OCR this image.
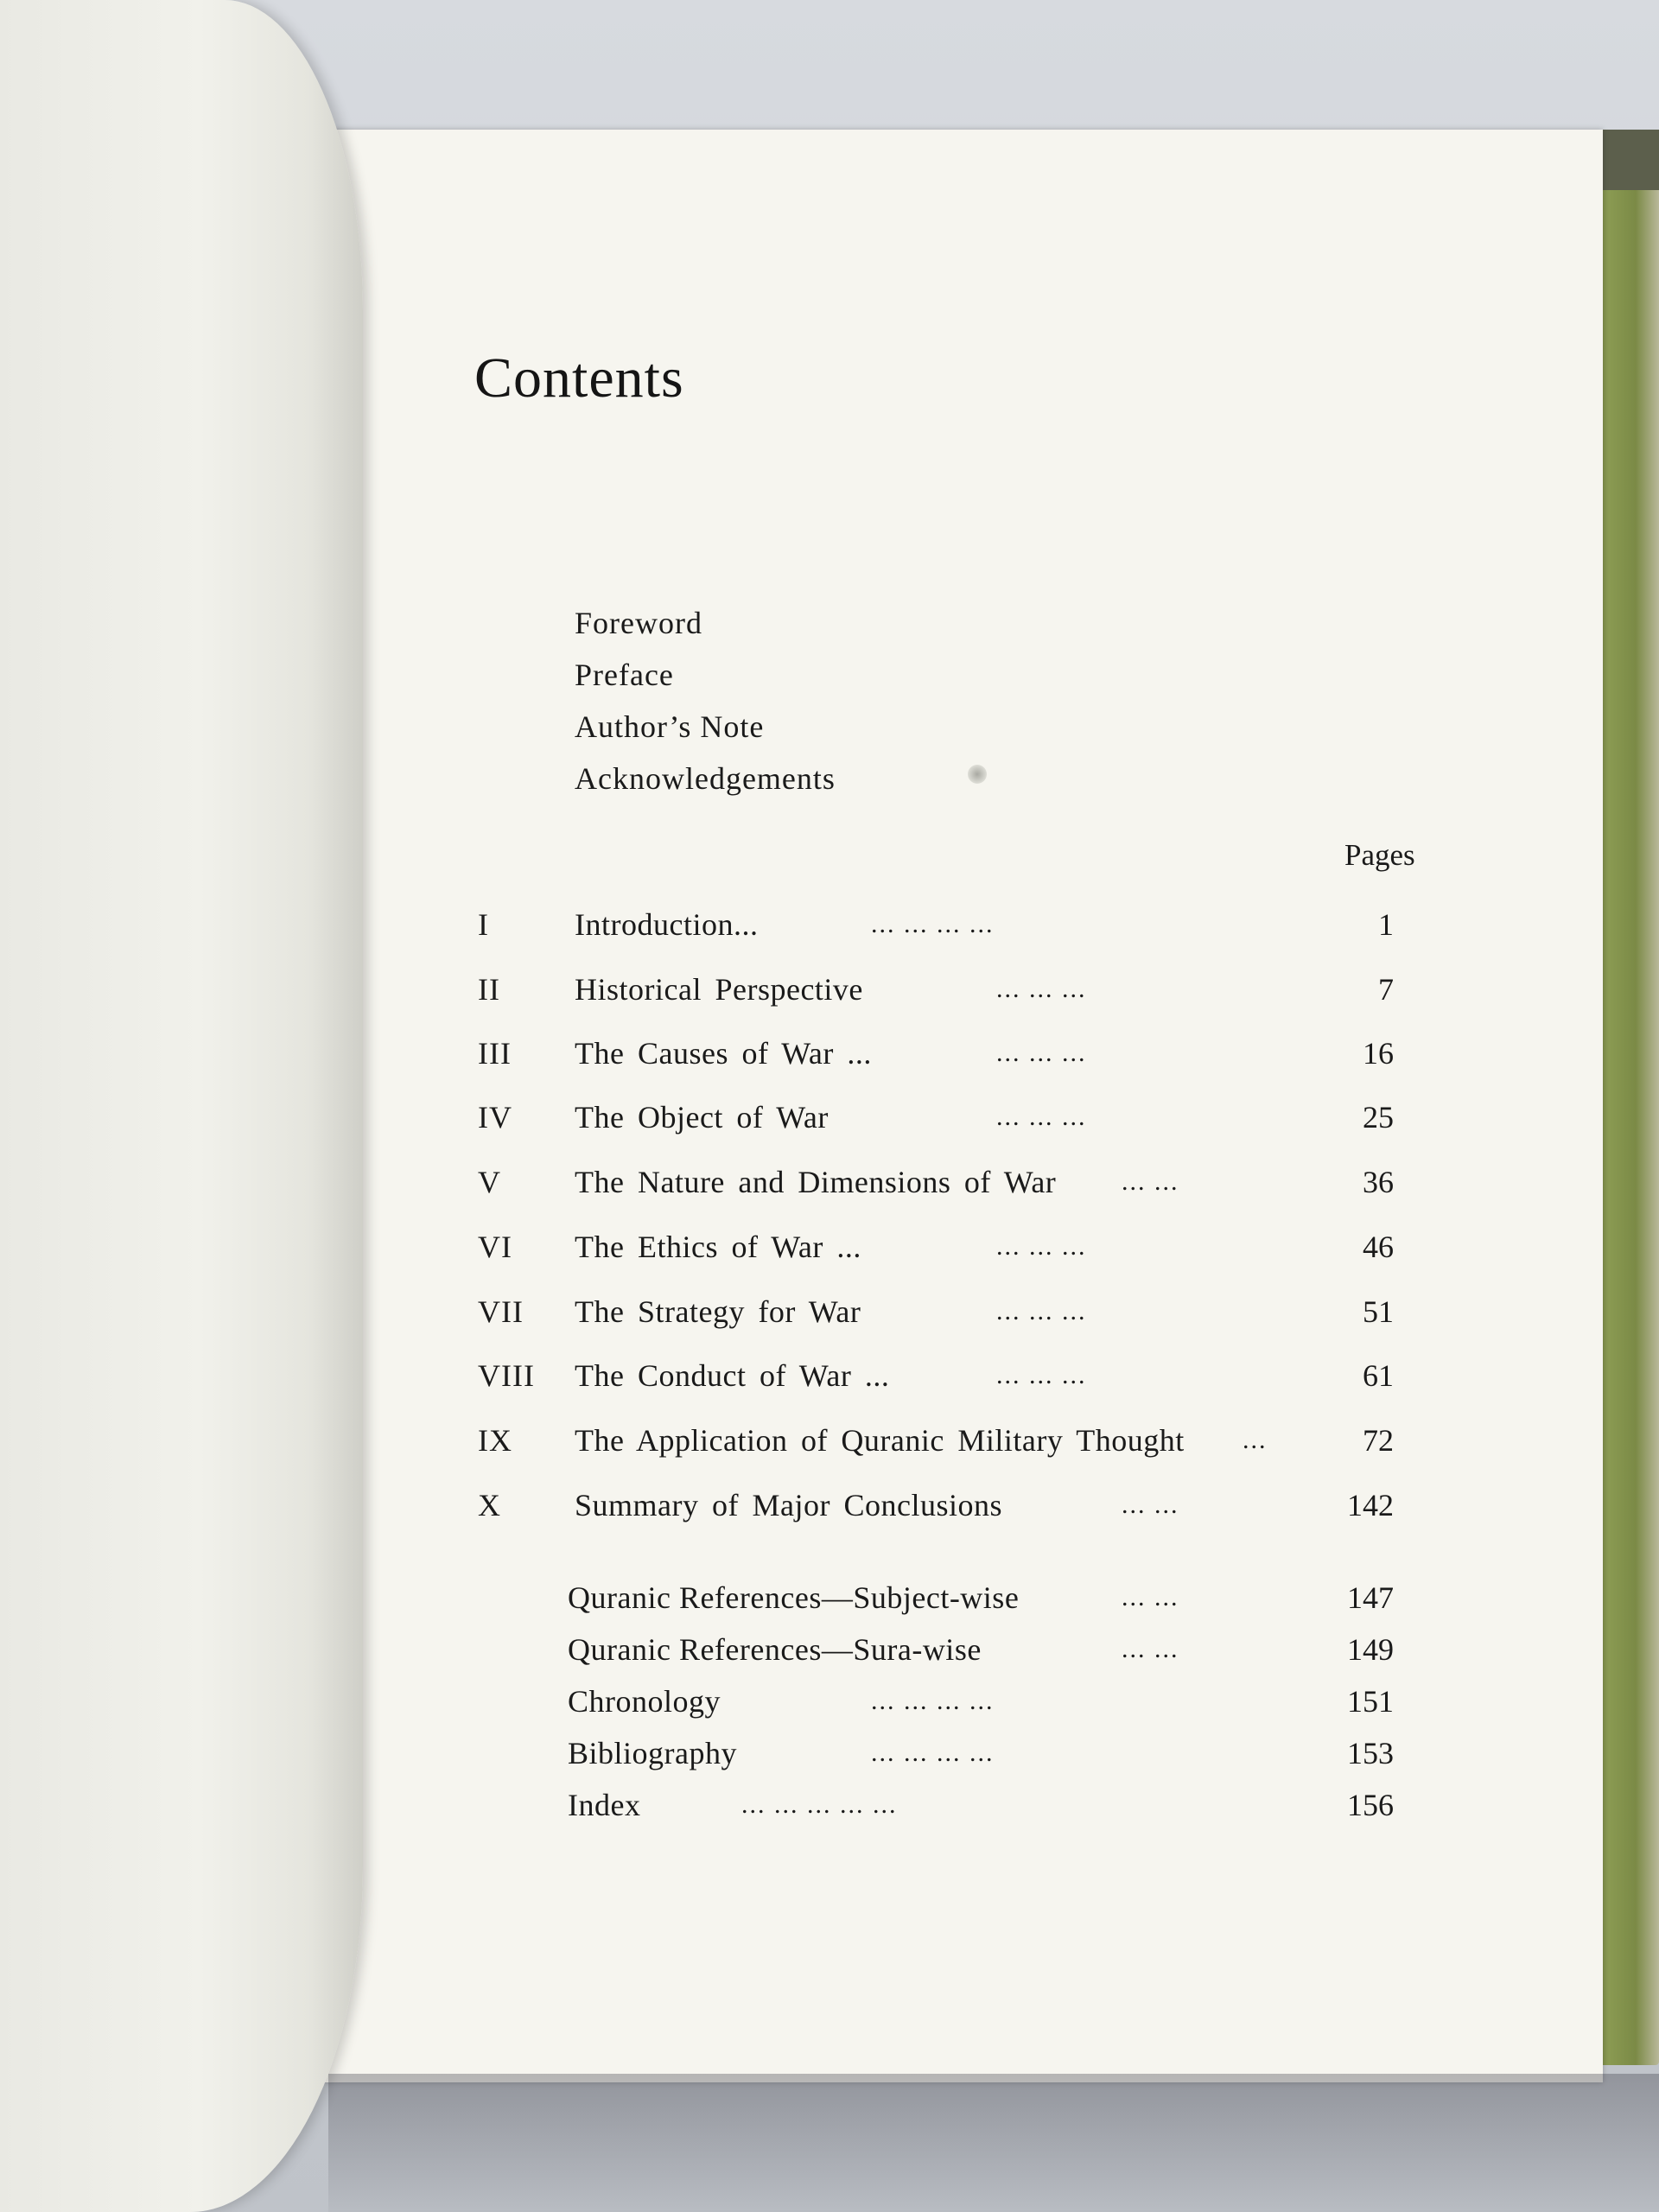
Contents
Foreword
Preface
Author’s Note
Acknowledgements
Pages
I	Introduction...	... ... ... ...	1
II Historical Perspective	... ... ...	7
III The Causes of War ...	... ... ...	16
IV The Object of War	... ... ...	25
V The Nature and Dimensions of War	... ...	36
VI The Ethics of War ...	... ... ...	46
VII The Strategy for War	... ... ...	51
VIII The Conduct of War ...	... ... ...	61
IX The Application of Quranic Military Thought ...	72
X Summary of Major Conclusions	... ...	142
Quranic References—Subject-wise	... ...	147
Quranic References—Sura-wise	... ...	149
Chronology	... ... ... ...	151
Bibliography	... ... ... ...	153
Index	... ... ... ... ...	156
